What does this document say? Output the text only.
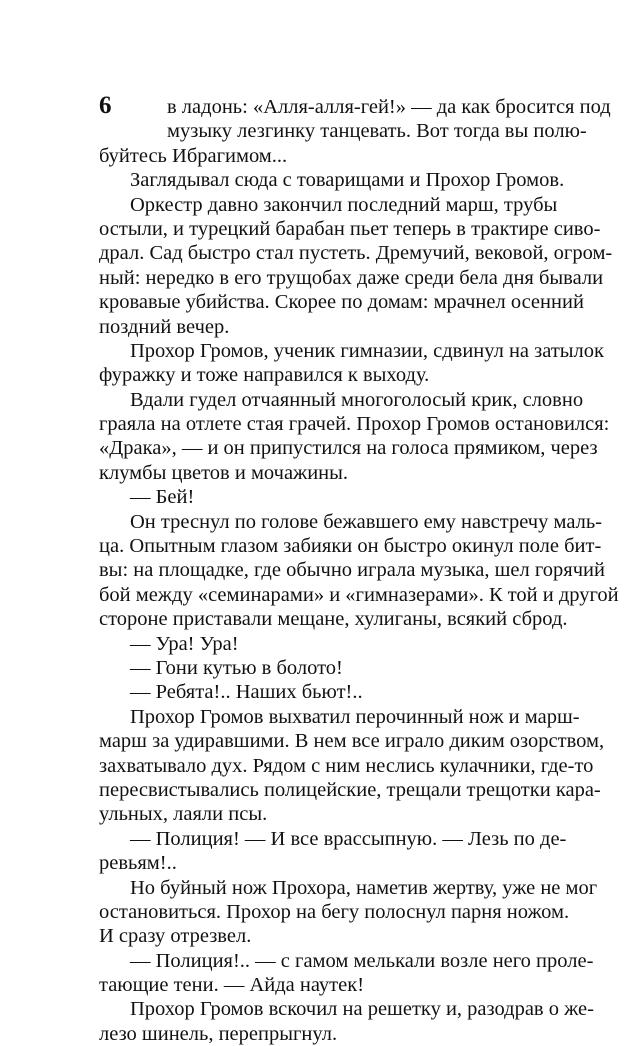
6	в ладонь: «Алля-алля-гей!» — да как бросится под
музыку лезгинку танцевать. Вот тогда вы полю-
буйтесь Ибрагимом...
Заглядывал сюда с товарищами и Прохор Громов.
Оркестр давно закончил последний марш, трубы
остыли, и турецкий барабан пьет теперь в трактире сиво-
драл. Сад быстро стал пустеть. Дремучий, вековой, огром-
ный: нередко в его трущобах даже среди бела дня бывали
кровавые убийства. Скорее по домам: мрачнел осенний
поздний вечер.
Прохор Громов, ученик гимназии, сдвинул на затылок
фуражку и тоже направился к выходу.
Вдали гудел отчаянный многоголосый крик, словно
граяла на отлете стая грачей. Прохор Громов остановился:
«Драка», — и он припустился на голоса прямиком, через
клумбы цветов и мочажины.
— Бей!
Он треснул по голове бежавшего ему навстречу маль-
ца. Опытным глазом забияки он быстро окинул поле бит-
вы: на площадке, где обычно играла музыка, шел горячий
бой между «семинарами» и «гимназерами». К той и другой
стороне приставали мещане, хулиганы, всякий сброд.
— Ура! Ура!
— Гони кутью в болото!
— Ребята!.. Наших бьют!..
Прохор Громов выхватил перочинный нож и марш-
марш за удиравшими. В нем все играло диким озорством,
захватывало дух. Рядом с ним неслись кулачники, где-то
пересвистывались полицейские, трещали трещотки кара-
ульных, лаяли псы.
— Полиция! — И все врассыпную. — Лезь по де-
ревьям!..
Но буйный нож Прохора, наметив жертву, уже не мог
остановиться. Прохор на бегу полоснул парня ножом.
И сразу отрезвел.
— Полиция!.. — с гамом мелькали возле него проле-
тающие тени. — Айда наутек!
Прохор Громов вскочил на решетку и, разодрав о же-
лезо шинель, перепрыгнул.
